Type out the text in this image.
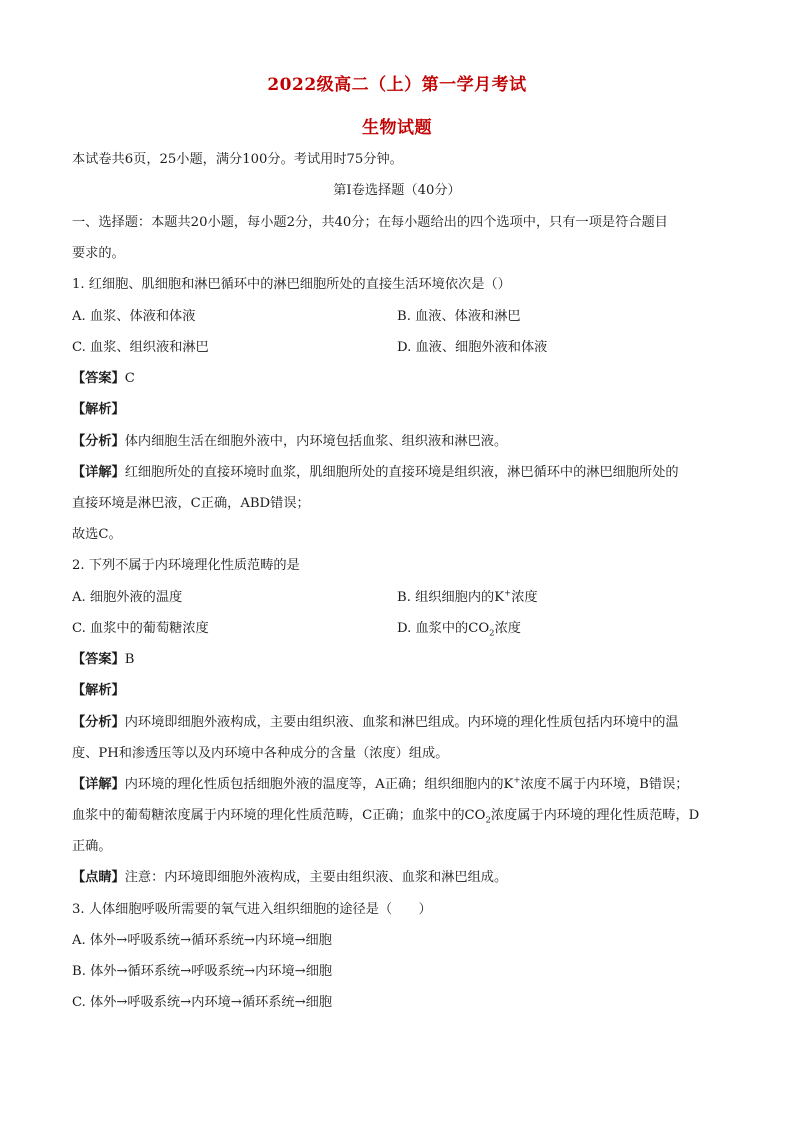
2022级高二（上）第一学月考试
生物试题
本试卷共6页，25小题，满分100分。考试用时75分钟。
第Ⅰ卷选择题（40分）
一、选择题：本题共20小题，每小题2分，共40分；在每小题给出的四个选项中，只有一项是符合题目
要求的。
1. 红细胞、肌细胞和淋巴循环中的淋巴细胞所处的直接生活环境依次是（）
A. 血浆、体液和体液	B. 血液、体液和淋巴
C. 血浆、组织液和淋巴	D. 血液、细胞外液和体液
【答案】C
【解析】
【分析】体内细胞生活在细胞外液中，内环境包括血浆、组织液和淋巴液。
【详解】红细胞所处的直接环境时血浆，肌细胞所处的直接环境是组织液，淋巴循环中的淋巴细胞所处的
直接环境是淋巴液，C正确，ABD错误；
故选C。
2. 下列不属于内环境理化性质范畴的是
A. 细胞外液的温度	B. 组织细胞内的K+浓度
C. 血浆中的葡萄糖浓度	D. 血浆中的$CO_2$浓度
【答案】B
【解析】
【分析】内环境即细胞外液构成，主要由组织液、血浆和淋巴组成。内环境的理化性质包括内环境中的温
度、PH和渗透压等以及内环境中各种成分的含量（浓度）组成。
【详解】内环境的理化性质包括细胞外液的温度等，A正确；组织细胞内的K+浓度不属于内环境，B错误；
血浆中的葡萄糖浓度属于内环境的理化性质范畴，C正确；血浆中的$CO_2$浓度属于内环境的理化性质范畴，D
正确。
【点睛】注意：内环境即细胞外液构成，主要由组织液、血浆和淋巴组成。
3. 人体细胞呼吸所需要的氧气进入组织细胞的途径是（　　）
A. 体外→呼吸系统→循环系统→内环境→细胞
B. 体外→循环系统→呼吸系统→内环境→细胞
C. 体外→呼吸系统→内环境→循环系统→细胞
